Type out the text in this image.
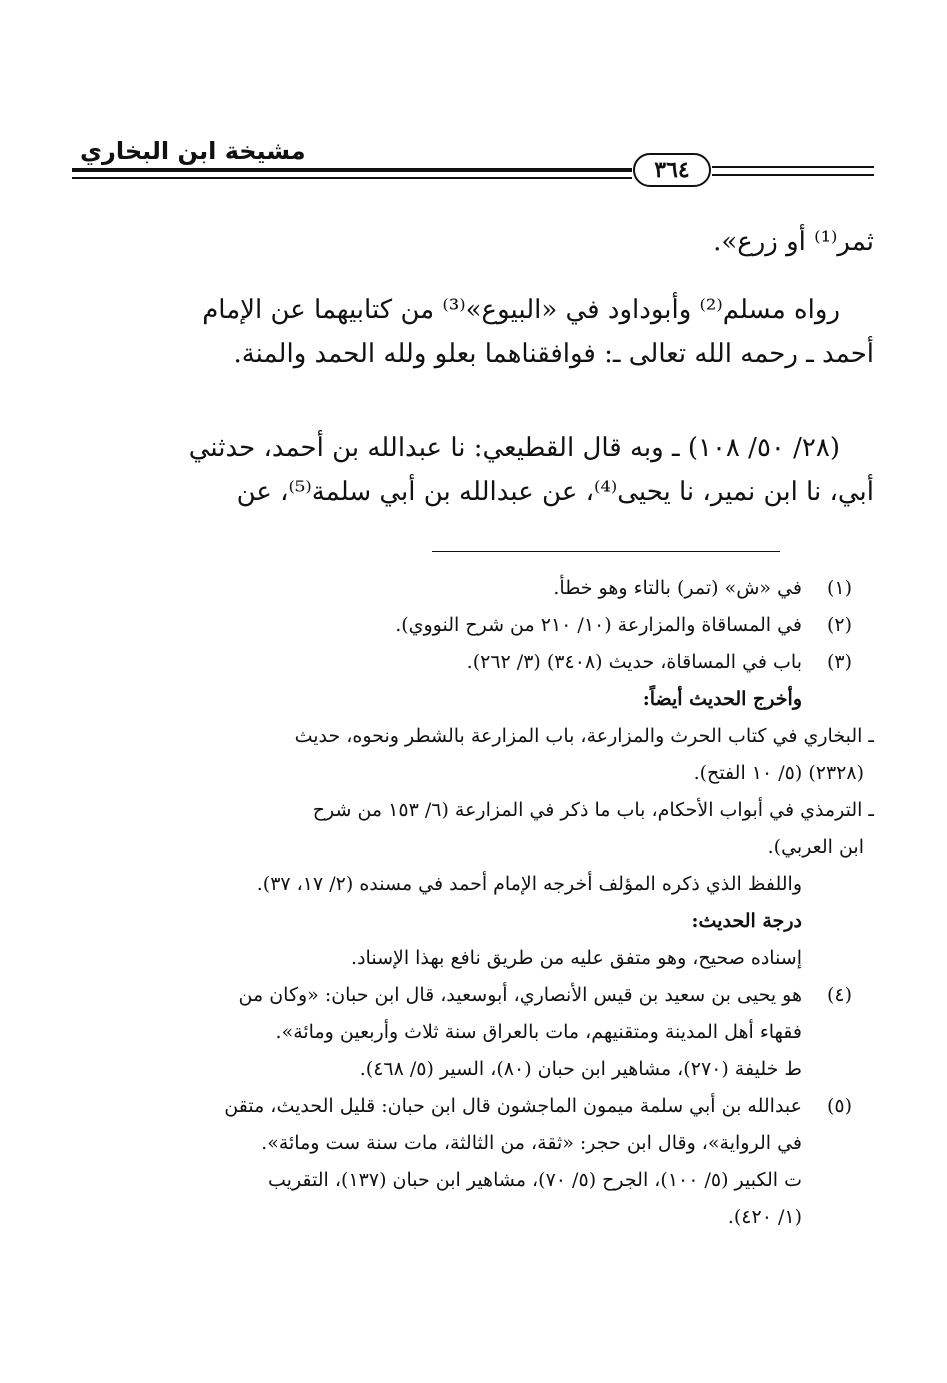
مشيخة ابن البخاري
٣٦٤
ثمر⁽¹⁾ أو زرع».
رواه مسلم⁽²⁾ وأبوداود في «البيوع»⁽³⁾ من كتابيهما عن الإمام
أحمد ـ رحمه الله تعالى ـ: فوافقناهما بعلو ولله الحمد والمنة.
(٢٨/ ٥٠/ ١٠٨) ـ وبه قال القطيعي: نا عبدالله بن أحمد، حدثني
أبي، نا ابن نمير، نا يحيى⁽⁴⁾، عن عبدالله بن أبي سلمة⁽⁵⁾، عن
(١)
في «ش» (تمر) بالتاء وهو خطأ.
(٢)
في المساقاة والمزارعة (١٠/ ٢١٠ من شرح النووي).
(٣)
باب في المساقاة، حديث (٣٤٠٨) (٣/ ٢٦٢).
وأخرج الحديث أيضاً:
ـ البخاري في كتاب الحرث والمزارعة، باب المزارعة بالشطر ونحوه، حديث
(٢٣٢٨) (٥/ ١٠ الفتح).
ـ الترمذي في أبواب الأحكام، باب ما ذكر في المزارعة (٦/ ١٥٣ من شرح
ابن العربي).
واللفظ الذي ذكره المؤلف أخرجه الإمام أحمد في مسنده (٢/ ١٧، ٣٧).
درجة الحديث:
إسناده صحيح، وهو متفق عليه من طريق نافع بهذا الإسناد.
(٤)
هو يحيى بن سعيد بن قيس الأنصاري، أبوسعيد، قال ابن حبان: «وكان من
فقهاء أهل المدينة ومتقنيهم، مات بالعراق سنة ثلاث وأربعين ومائة».
ط خليفة (٢٧٠)، مشاهير ابن حبان (٨٠)، السير (٥/ ٤٦٨).
(٥)
عبدالله بن أبي سلمة ميمون الماجشون قال ابن حبان: قليل الحديث، متقن
في الرواية»، وقال ابن حجر: «ثقة، من الثالثة، مات سنة ست ومائة».
ت الكبير (٥/ ١٠٠)، الجرح (٥/ ٧٠)، مشاهير ابن حبان (١٣٧)، التقريب
(١/ ٤٢٠).
